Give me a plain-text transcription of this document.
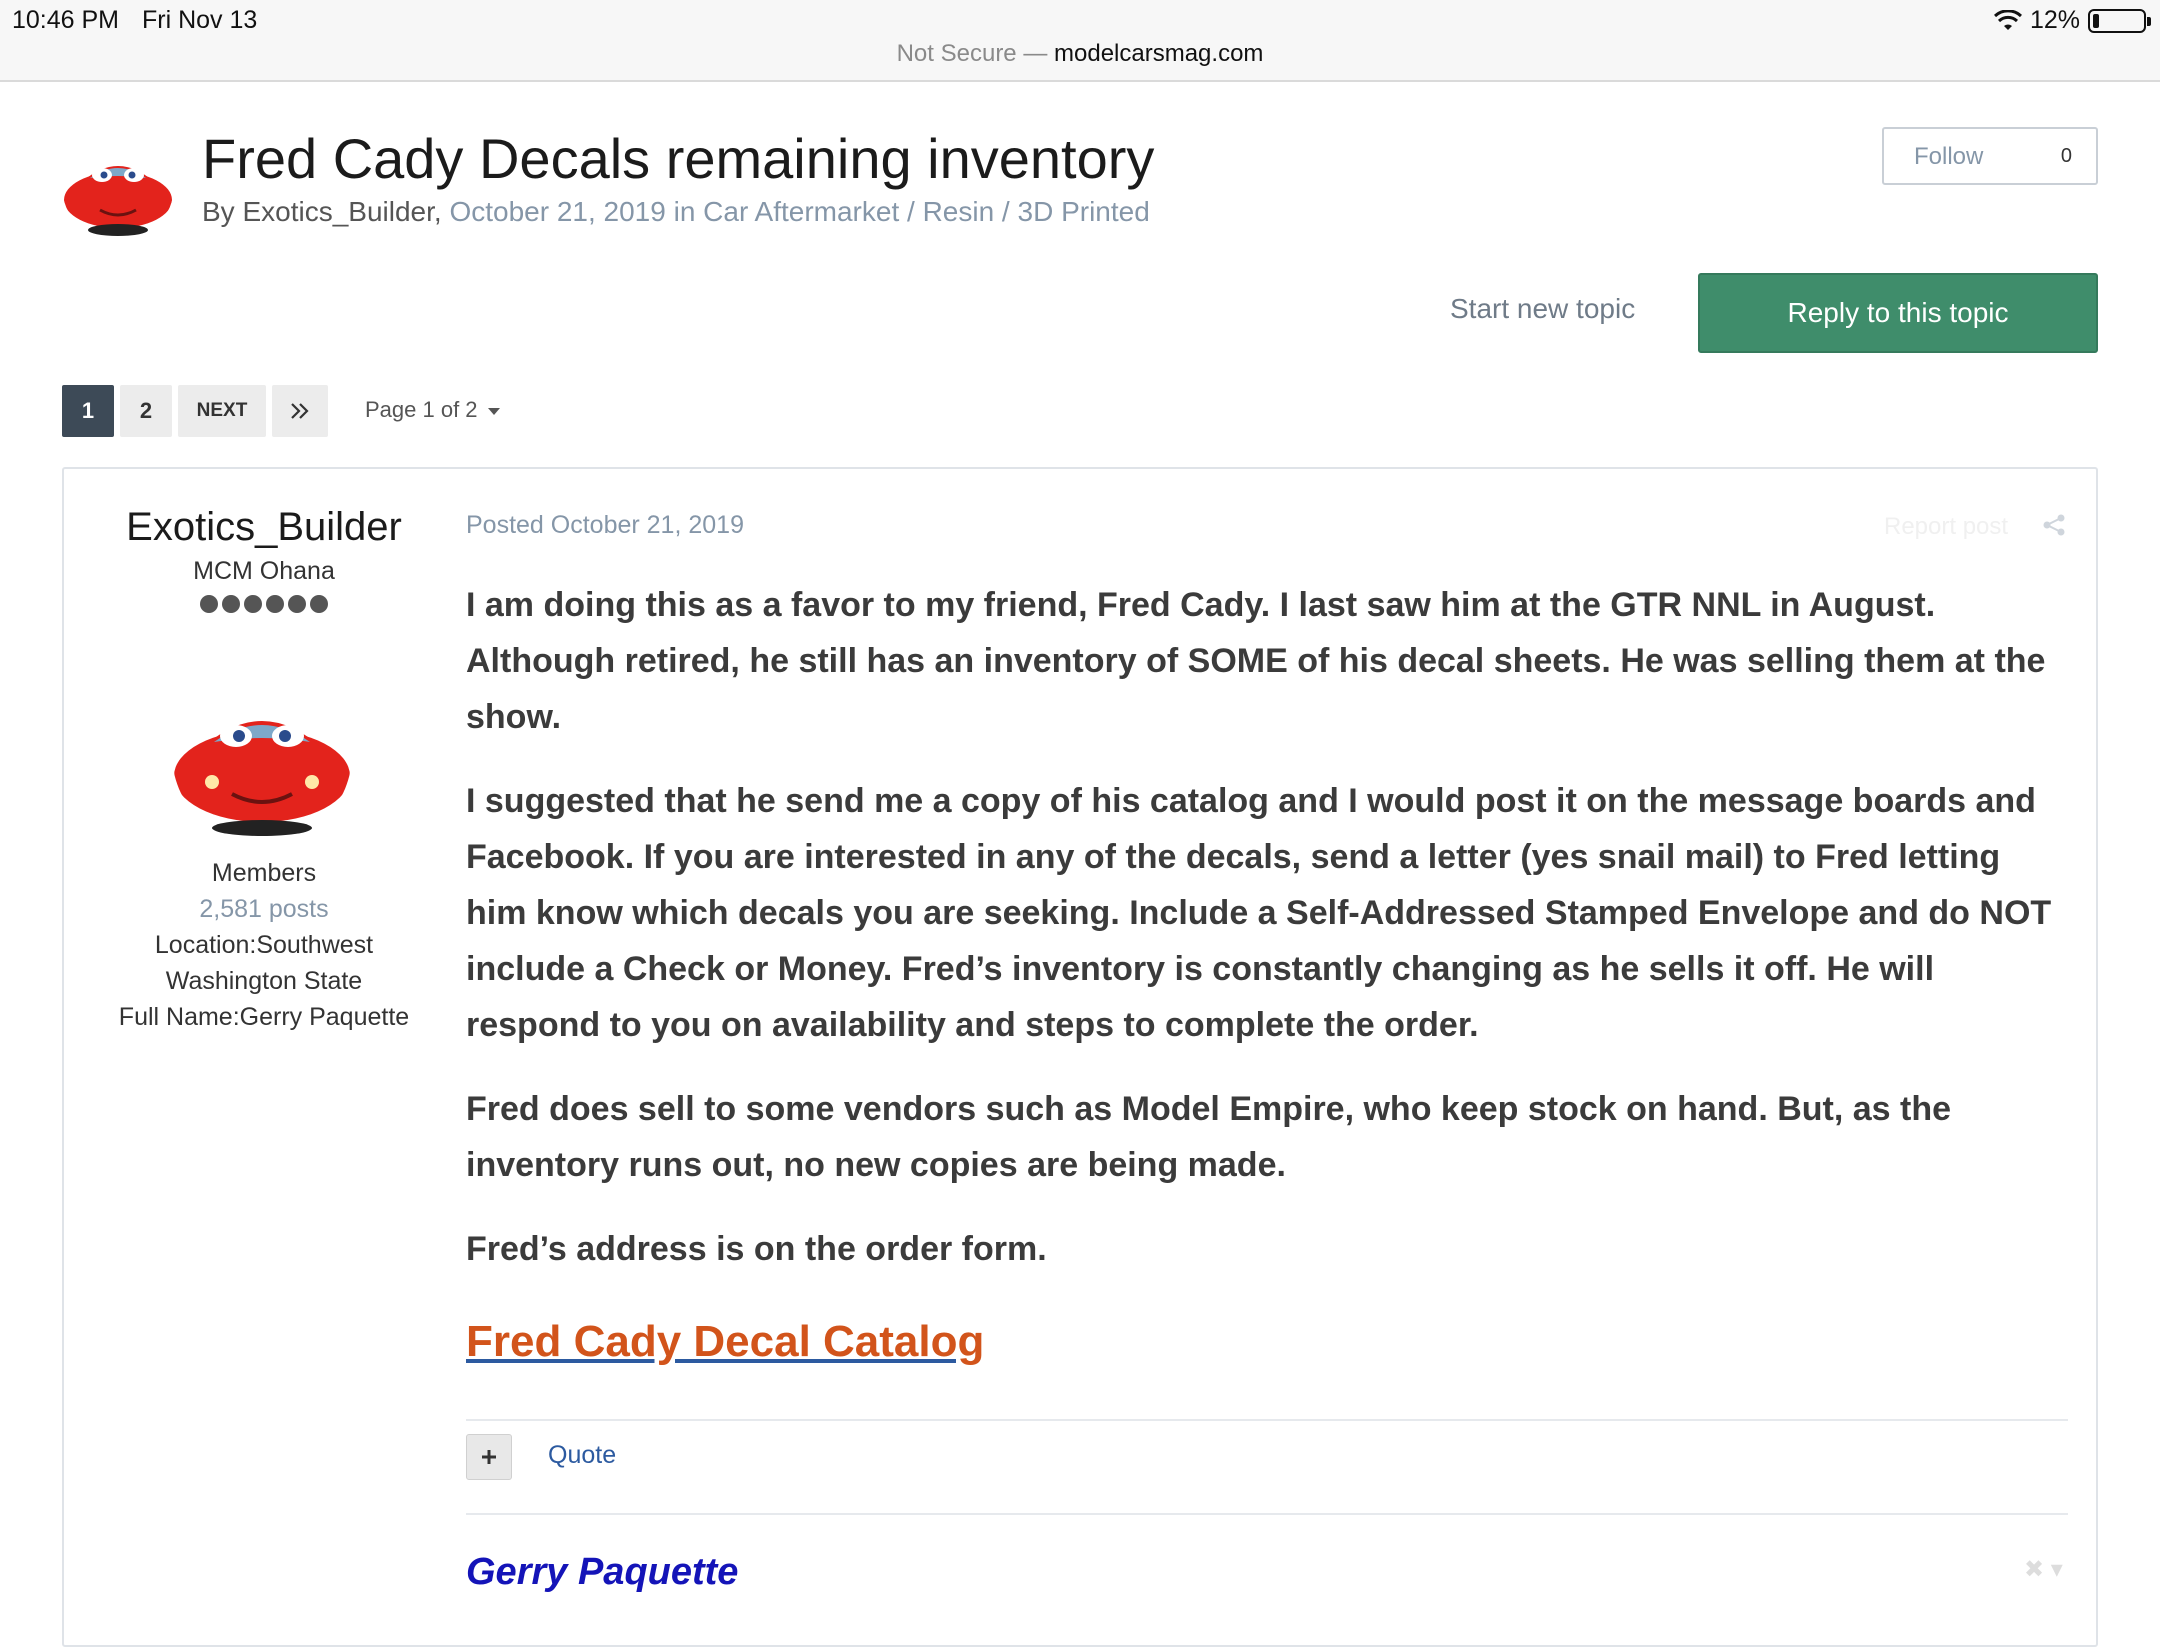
10:46 PM Fri Nov 13	12%
Not Secure — modelcarsmag.com
Fred Cady Decals remaining inventory
By Exotics_Builder, October 21, 2019 in Car Aftermarket / Resin / 3D Printed
Follow	0
Start new topic	Reply to this topic
1	2	NEXT	Page 1 of 2
Exotics_Builder
MCM Ohana
Members
2,581 posts
Location:Southwest
Washington State
Full Name:Gerry Paquette
Posted October 21, 2019	Report post

I am doing this as a favor to my friend, Fred Cady. I last saw him at the GTR NNL in August. Although retired, he still has an inventory of SOME of his decal sheets. He was selling them at the show.

I suggested that he send me a copy of his catalog and I would post it on the message boards and Facebook. If you are interested in any of the decals, send a letter (yes snail mail) to Fred letting him know which decals you are seeking. Include a Self-Addressed Stamped Envelope and do NOT include a Check or Money. Fred’s inventory is constantly changing as he sells it off. He will respond to you on availability and steps to complete the order.

Fred does sell to some vendors such as Model Empire, who keep stock on hand. But, as the inventory runs out, no new copies are being made.

Fred’s address is on the order form.

Fred Cady Decal Catalog
Quote
Gerry Paquette	✖ ▾
